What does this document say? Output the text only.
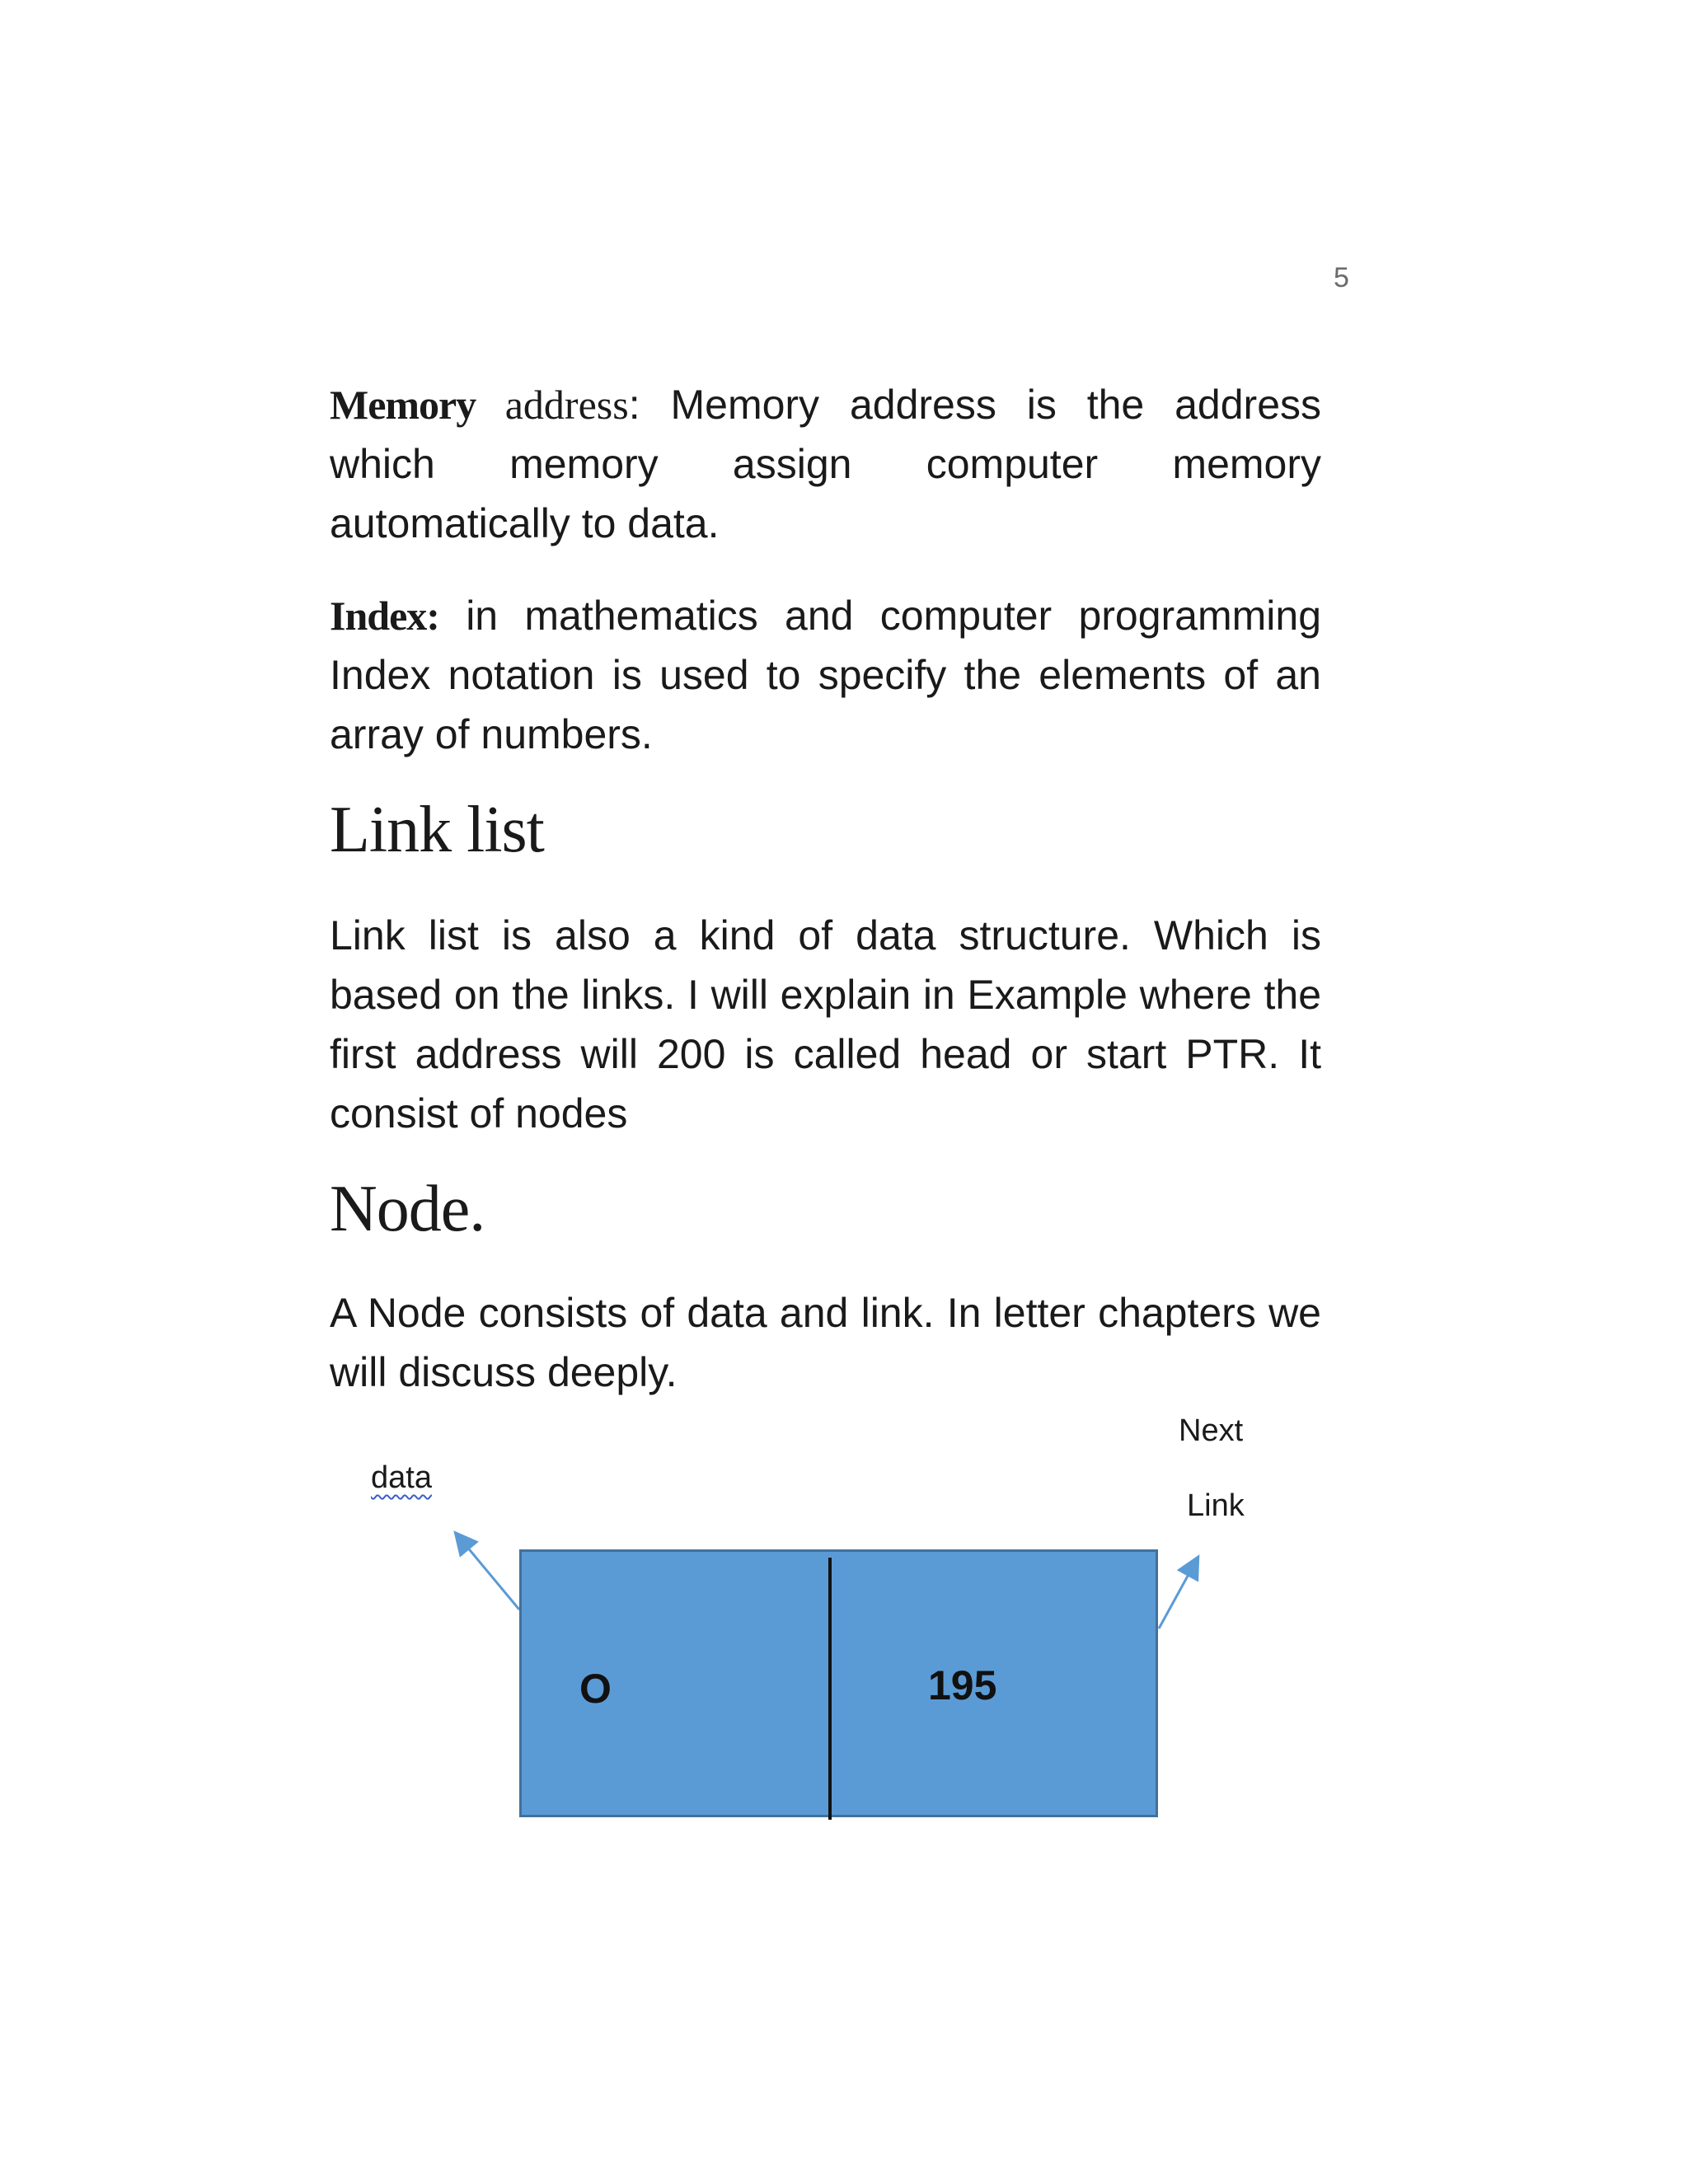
5

Memory address: Memory address is the address which memory assign computer memory automatically to data.

Index: in mathematics and computer programming Index notation is used to specify the elements of an array of numbers.

Link list

Link list is also a kind of data structure. Which is based on the links. I will explain in Example where the first address will 200 is called head or start PTR. It consist of nodes

Node.

A Node consists of data and link. In letter chapters we will discuss deeply.

data
Next
Link
O	195
